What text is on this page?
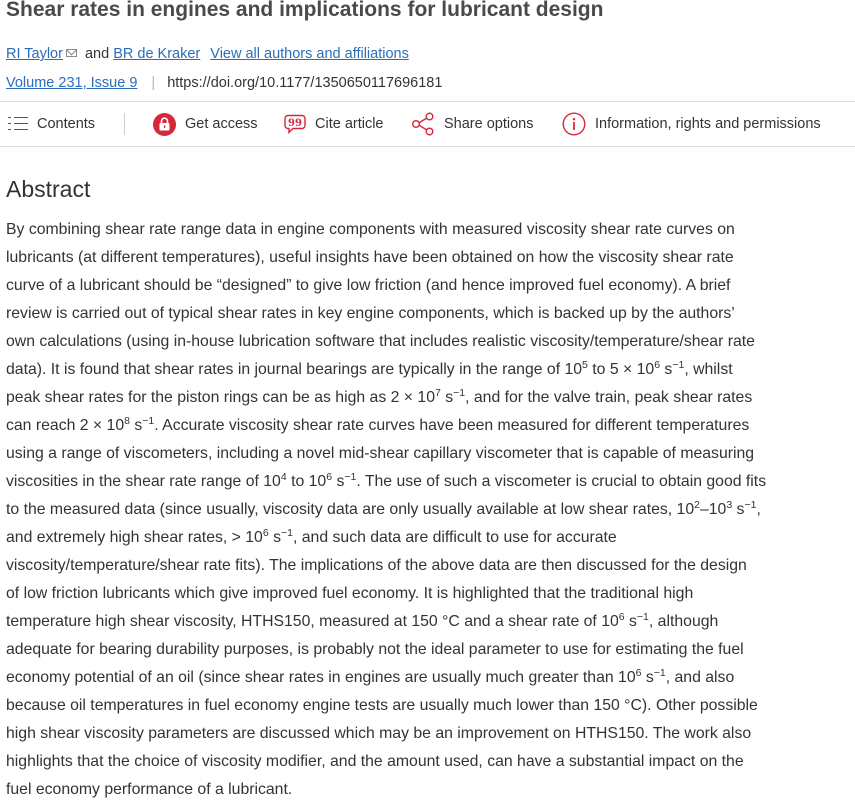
Shear rates in engines and implications for lubricant design
RI Taylor and BR de Kraker View all authors and affiliations
Volume 231, Issue 9 | https://doi.org/10.1177/1350650117696181
Contents	Get access	99 Cite article	Share options	Information, rights and permissions
Abstract
By combining shear rate range data in engine components with measured viscosity shear rate curves on
lubricants (at different temperatures), useful insights have been obtained on how the viscosity shear rate
curve of a lubricant should be “designed” to give low friction (and hence improved fuel economy). A brief
review is carried out of typical shear rates in key engine components, which is backed up by the authors’
own calculations (using in-house lubrication software that includes realistic viscosity/temperature/shear rate
data). It is found that shear rates in journal bearings are typically in the range of $10^5$ to $5 \times 10^6$ $s^{-1}$, whilst
peak shear rates for the piston rings can be as high as $2 \times 10^7$ $s^{-1}$, and for the valve train, peak shear rates
can reach $2 \times 10^8$ $s^{-1}$. Accurate viscosity shear rate curves have been measured for different temperatures
using a range of viscometers, including a novel mid-shear capillary viscometer that is capable of measuring
viscosities in the shear rate range of $10^4$ to $10^6$ $s^{-1}$. The use of such a viscometer is crucial to obtain good fits
to the measured data (since usually, viscosity data are only usually available at low shear rates, $10^2-10^3$ $s^{-1}$,
and extremely high shear rates, > $10^6$ $s^{-1}$, and such data are difficult to use for accurate
viscosity/temperature/shear rate fits). The implications of the above data are then discussed for the design
of low friction lubricants which give improved fuel economy. It is highlighted that the traditional high
temperature high shear viscosity, HTHS150, measured at 150 °C and a shear rate of $10^6$ $s^{-1}$, although
adequate for bearing durability purposes, is probably not the ideal parameter to use for estimating the fuel
economy potential of an oil (since shear rates in engines are usually much greater than $10^6$ $s^{-1}$, and also
because oil temperatures in fuel economy engine tests are usually much lower than 150 °C). Other possible
high shear viscosity parameters are discussed which may be an improvement on HTHS150. The work also
highlights that the choice of viscosity modifier, and the amount used, can have a substantial impact on the
fuel economy performance of a lubricant.
